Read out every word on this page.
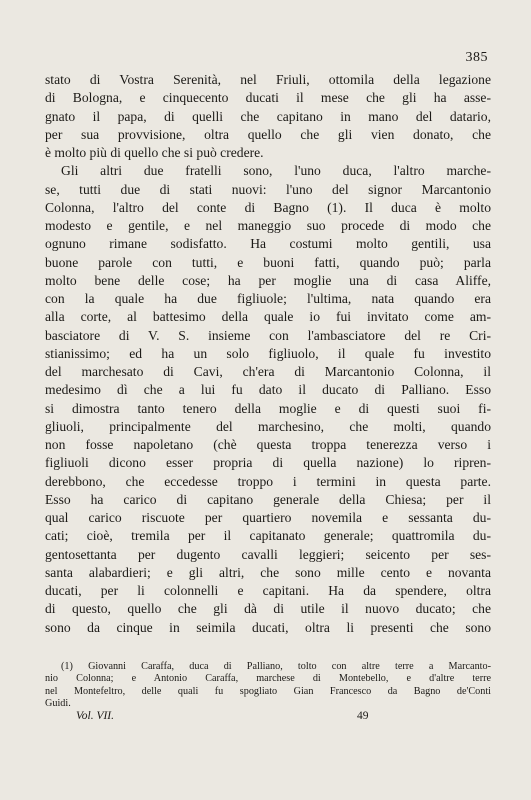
385
stato di Vostra Serenità, nel Friuli, ottomila della legazione
di Bologna, e cinquecento ducati il mese che gli ha asse-
gnato il papa, di quelli che capitano in mano del datario,
per sua provvisione, oltra quello che gli vien donato, che
è molto più di quello che si può credere.
Gli altri due fratelli sono, l'uno duca, l'altro marche-
se, tutti due di stati nuovi: l'uno del signor Marcantonio
Colonna, l'altro del conte di Bagno (1). Il duca è molto
modesto e gentile, e nel maneggio suo procede di modo che
ognuno rimane sodisfatto. Ha costumi molto gentili, usa
buone parole con tutti, e buoni fatti, quando può; parla
molto bene delle cose; ha per moglie una di casa Aliffe,
con la quale ha due figliuole; l'ultima, nata quando era
alla corte, al battesimo della quale io fui invitato come am-
basciatore di V. S. insieme con l'ambasciatore del re Cri-
stianissimo; ed ha un solo figliuolo, il quale fu investito
del marchesato di Cavi, ch'era di Marcantonio Colonna, il
medesimo dì che a lui fu dato il ducato di Palliano. Esso
si dimostra tanto tenero della moglie e di questi suoi fi-
gliuoli, principalmente del marchesino, che molti, quando
non fosse napoletano (chè questa troppa tenerezza verso i
figliuoli dicono esser propria di quella nazione) lo ripren-
derebbono, che eccedesse troppo i termini in questa parte.
Esso ha carico di capitano generale della Chiesa; per il
qual carico riscuote per quartiero novemila e sessanta du-
cati; cioè, tremila per il capitanato generale; quattromila du-
gentosettanta per dugento cavalli leggieri; seicento per ses-
santa alabardieri; e gli altri, che sono mille cento e novanta
ducati, per li colonnelli e capitani. Ha da spendere, oltra
di questo, quello che gli dà di utile il nuovo ducato; che
sono da cinque in seimila ducati, oltra li presenti che sono
(1) Giovanni Caraffa, duca di Palliano, tolto con altre terre a Marcanto-
nio Colonna; e Antonio Caraffa, marchese di Montebello, e d'altre terre
nel Montefeltro, delle quali fu spogliato Gian Francesco da Bagno de'Conti
Guidi.
Vol. VII.	49
